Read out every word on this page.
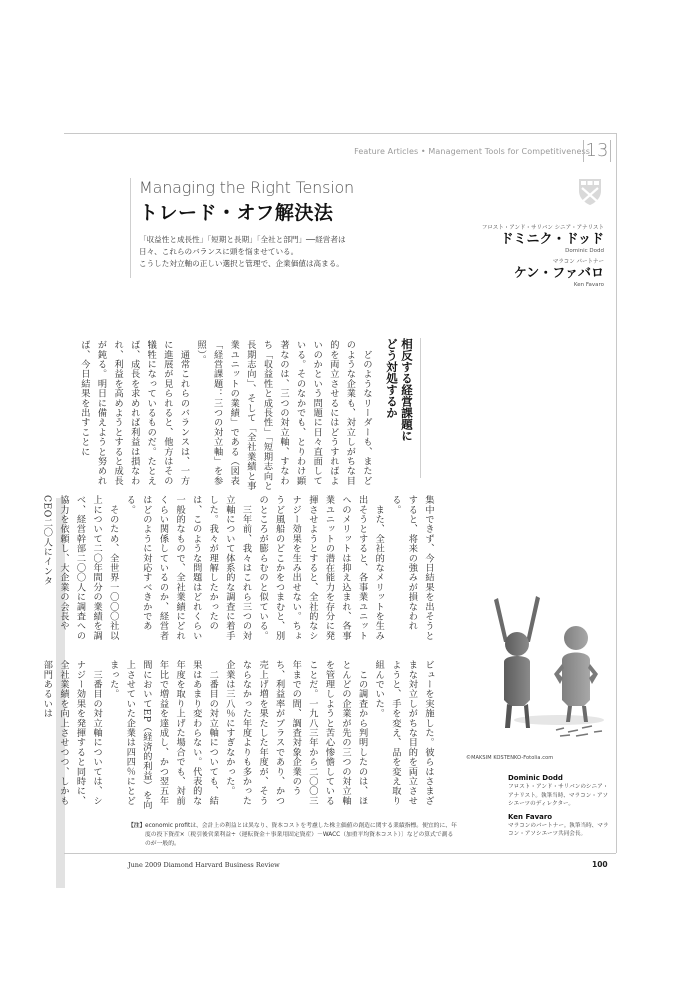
Feature Articles • Management Tools for Competitiveness
13
Managing the Right Tension
トレード・オフ解決法
「収益性と成長性」「短期と長期」「全社と部門」──経営者は
日々、これらのバランスに頭を悩ませている。
こうした対立軸の正しい選択と管理で、企業価値は高まる。
フロスト・アンド・サリバン シニア・アナリスト
ドミニク・ドッド
Dominic Dodd
マラコン パートナー
ケン・ファバロ
Ken Favaro
相反する経営課題に
どう対処するか

　どのようなリーダーも、またどのような企業も、対立しがちな目的を両立させるにはどうすればよいのかという問題に日々直面している。そのなかでも、とりわけ顕著なのは、三つの対立軸、すなわち「収益性と成長性」「短期志向と長期志向」、そして「全社業績と事業ユニットの業績」である（図表「経営課題：三つの対立軸」を参照）。

　通常これらのバランスは、一方に進展が見られると、他方はその犠牲になっているものだ。たとえば、成長を求めれば利益は損なわれ、利益を高めようとすると成長が鈍る。明日に備えようと努めれば、今日結果を出すことに

集中できず、今日結果を出そうとすると、将来の強みが損なわれる。

　また、全社的なメリットを生み出そうとすると、各事業ユニットへのメリットは抑え込まれ、各事業ユニットの潜在能力を存分に発揮させようとすると、全社的なシナジー効果を生み出せない。ちょうど風船のどこかをつまむと、別のところが膨らむのと似ている。

　三年前、我々はこれら三つの対立軸について体系的な調査に着手した。我々が理解したかったのは、このような問題はどれくらい一般的なもので、全社業績にどれくらい関係しているのか、経営者はどのように対応すべきかである。

　そのため、全世界一〇〇〇社以上について二〇年間分の業績を調べ、経営幹部二〇〇人に調査への協力を依頼し、大企業の会長やCEO二〇人にインタ

ビューを実施した。彼らはさまざまな対立しがちな目的を両立させようと、手を変え、品を変え取り組んでいた。

　この調査から判明したのは、ほとんどの企業が先の三つの対立軸を管理しようと苦心惨憺していることだ。一九八三年から二〇〇三年までの間、調査対象企業のうち、利益率がプラスであり、かつ売上げ増を果たした年度が、そうならなかった年度よりも多かった企業は三八％にすぎなかった。

　二番目の対立軸についても、結果はあまり変わらない。代表的な年度を取り上げた場合でも、対前年比で増益を達成し、かつ翌五年間においてEP（経済的利益）を向上させていた企業は四四％にとどまった。

　三番目の対立軸については、シナジー効果を発揮すると同時に、全社業績を向上させつつ、しかも部門あるいは

©MAKSIM KOSTENKO-Fotolia.com
Dominic Dodd
フロスト・アンド・サリバンのシニア・アナリスト。執筆当時、マラコン・アソシエーツのディレクター。
Ken Favaro
マラコンのパートナー。執筆当時、マラコン・アソシエーツ共同会長。
【注】 economic profitは、会計上の利益とは異なり、資本コストを考慮した株主価値の創造に関する業績指標。便宜的に、年度の投下資産×〔税引後営業利益÷（運転資金＋事業用固定資産）－WACC（加重平均資本コスト）〕などの算式で測るのが一般的。
June 2009 Diamond Harvard Business Review	100
